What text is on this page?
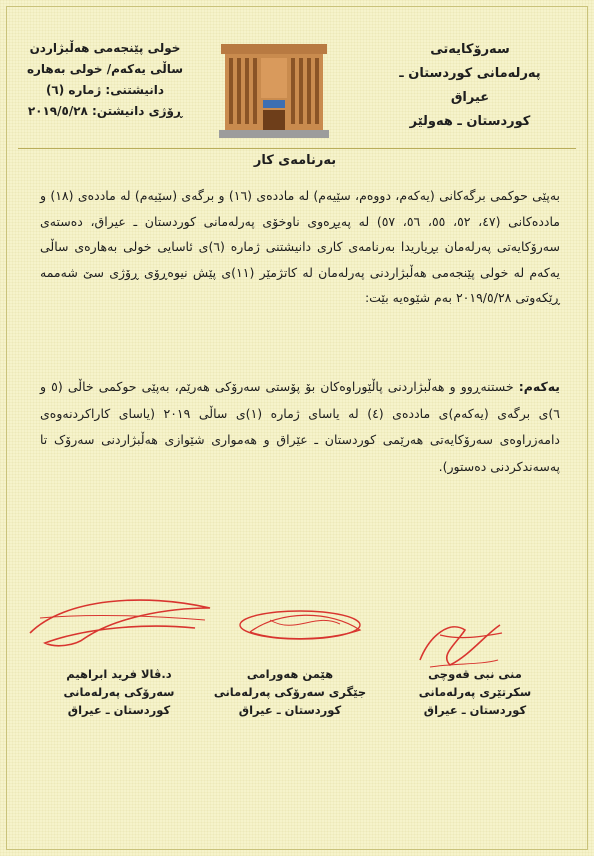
خولی پێنجەمی هەڵبژاردن
ساڵی یەکەم/ خولی بەهارە
دانیشتنی: ژمارە (٦)
ڕۆژی دانیشتن: ٢٠١٩/٥/٢٨
سەرۆکایەتی
پەرلەمانی کوردستان ـ عیراق
کوردستان ـ هەولێر
بەرنامەی کار
بەپێی حوکمی برگەکانی (یەکەم، دووەم، سێیەم) لە ماددەی (١٦) و برگەی (سێیەم) لە ماددەی (١٨) و ماددەکانی (٤٧، ٥٢، ٥٥، ٥٦، ٥٧) لە پەیڕەوی ناوخۆی پەرلەمانی کوردستان ـ عیراق، دەستەی سەرۆکایەتی پەرلەمان بڕیاریدا بەرنامەی کاری دانیشتنی ژمارە (٦)ی ئاسایی خولی بەهارەی ساڵی یەکەم لە خولی پێنجەمی هەڵبژاردنی پەرلەمان لە کاتژمێر (١١)ی پێش نیوەڕۆی ڕۆژی سێ شەممە ڕێکەوتی ٢٠١٩/٥/٢٨ بەم شێوەیە بێت:
یەکەم: خستنەڕوو و هەڵبژاردنی پاڵێوراوەکان بۆ پۆستی سەرۆکی هەرێم، بەپێی حوکمی خاڵی (٥ و ٦)ی برگەی (یەکەم)ی ماددەی (٤) لە یاسای ژمارە (١)ی ساڵی ٢٠١٩ (یاسای کاراکردنەوەی دامەزراوەی سەرۆکایەتی هەرێمی کوردستان ـ عێراق و هەمواری شێوازی هەڵبژاردنی سەرۆک تا پەسەندکردنی دەستور).
د.ڤالا فرید ابراهیم
سەرۆکی پەرلەمانی
کوردستان ـ عیراق
هێمن هەورامی
جێگری سەرۆکی پەرلەمانی
کوردستان ـ عیراق
منی نبی قەوچی
سکرتێری پەرلەمانی
کوردستان ـ عیراق
